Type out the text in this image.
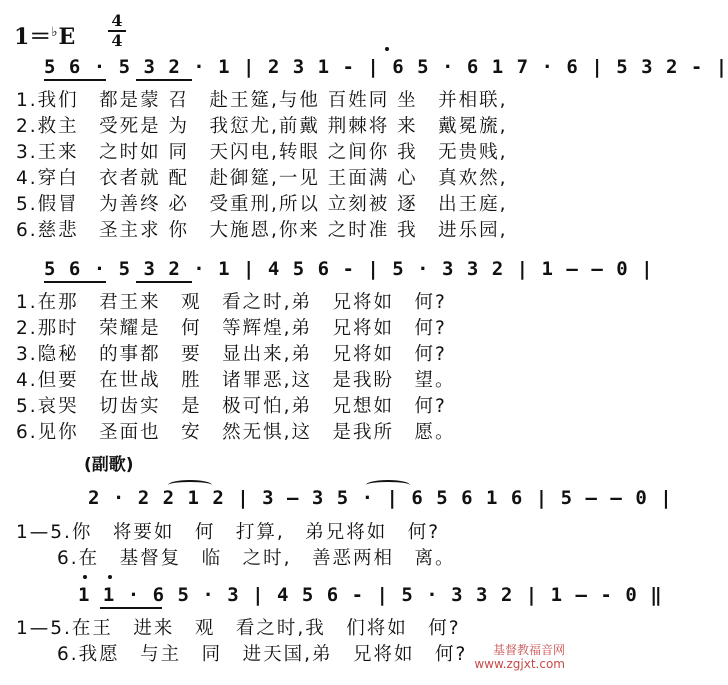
1＝♭E
4
4
5 6 · 5 3 2 · 1 | 2 3 1 - | 6 5 · 6 1 7 · 6 | 5 3 2 - |
1.我们　都是蒙 召　赴王筵,与他 百姓同 坐　并相联,
2.救主　受死是 为　我愆尤,前戴 荆棘将 来　戴冕旒,
3.王来　之时如 同　天闪电,转眼 之间你 我　无贵贱,
4.穿白　衣者就 配　赴御筵,一见 王面满 心　真欢然,
5.假冒　为善终 必　受重刑,所以 立刻被 逐　出王庭,
6.慈悲　圣主求 你　大施恩,你来 之时准 我　进乐园,
5 6 · 5 3 2 · 1 | 4 5 6 - | 5 · 3 3 2 | 1 — — 0 |
1.在那　君王来　观　看之时,弟　兄将如　何?
2.那时　荣耀是　何　等辉煌,弟　兄将如　何?
3.隐秘　的事都　要　显出来,弟　兄将如　何?
4.但要　在世战　胜　诸罪恶,这　是我盼　望。
5.哀哭　切齿实　是　极可怕,弟　兄想如　何?
6.见你　圣面也　安　然无惧,这　是我所　愿。
(副歌)
2 · 2 2 1 2 | 3 — 3 5 · | 6 5 6 1 6 | 5 — — 0 |
1—5.你　将要如　何　打算,　弟兄将如　何?
　　6.在　基督复　临　之时,　善恶两相　离。
1 1 · 6 5 · 3 | 4 5 6 - | 5 · 3 3 2 | 1 — - 0 ‖
1—5.在王　进来　观　看之时,我　们将如　何?
　　6.我愿　与主　同　进天国,弟　兄将如　何?	基督教福音网
www.zgjxt.com
